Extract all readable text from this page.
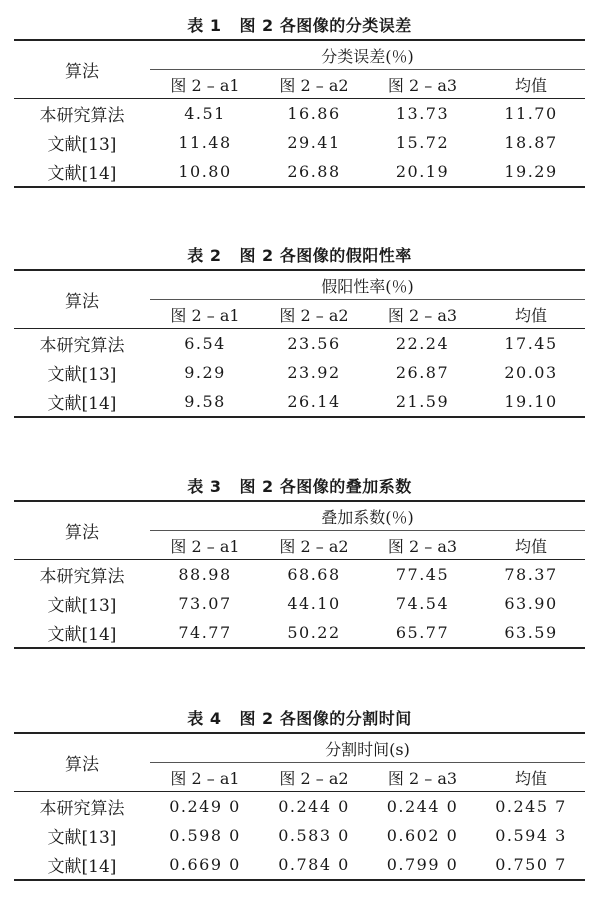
表 1 图 2 各图像的分类误差
算法	分类误差(％)			
	图 2 – a1	图 2 – a2	图 2 – a3	均值
本研究算法	4.51	16.86	13.73	11.70
文献[13]	11.48	29.41	15.72	18.87
文献[14]	10.80	26.88	20.19	19.29
表 2 图 2 各图像的假阳性率
算法	假阳性率(％)			
	图 2 – a1	图 2 – a2	图 2 – a3	均值
本研究算法	6.54	23.56	22.24	17.45
文献[13]	9.29	23.92	26.87	20.03
文献[14]	9.58	26.14	21.59	19.10
表 3 图 2 各图像的叠加系数
算法	叠加系数(％)			
	图 2 – a1	图 2 – a2	图 2 – a3	均值
本研究算法	88.98	68.68	77.45	78.37
文献[13]	73.07	44.10	74.54	63.90
文献[14]	74.77	50.22	65.77	63.59
表 4 图 2 各图像的分割时间
算法	分割时间(s)			
	图 2 – a1	图 2 – a2	图 2 – a3	均值
本研究算法	0.249 0	0.244 0	0.244 0	0.245 7
文献[13]	0.598 0	0.583 0	0.602 0	0.594 3
文献[14]	0.669 0	0.784 0	0.799 0	0.750 7
